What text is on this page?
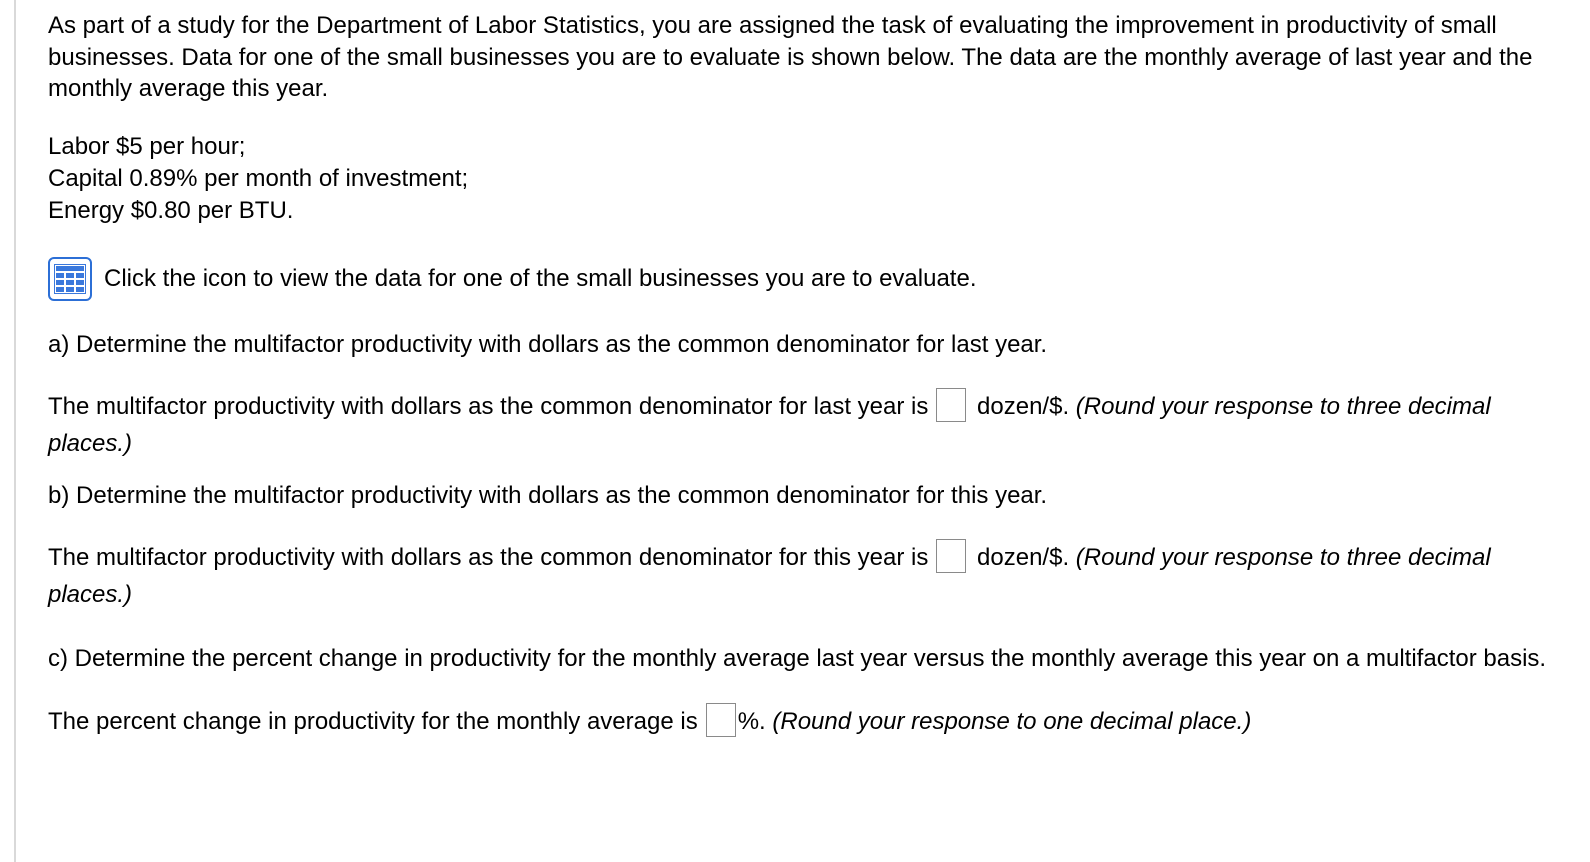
As part of a study for the Department of Labor Statistics, you are assigned the task of evaluating the improvement in productivity of small businesses. Data for one of the small businesses you are to evaluate is shown below. The data are the monthly average of last year and the monthly average this year.

Labor $5 per hour;
Capital 0.89% per month of investment;
Energy $0.80 per BTU.
Click the icon to view the data for one of the small businesses you are to evaluate.

a) Determine the multifactor productivity with dollars as the common denominator for last year.

The multifactor productivity with dollars as the common denominator for last year is dozen/$. (Round your response to three decimal places.)

b) Determine the multifactor productivity with dollars as the common denominator for this year.

The multifactor productivity with dollars as the common denominator for this year is dozen/$. (Round your response to three decimal places.)

c) Determine the percent change in productivity for the monthly average last year versus the monthly average this year on a multifactor basis.

The percent change in productivity for the monthly average is %. (Round your response to one decimal place.)
